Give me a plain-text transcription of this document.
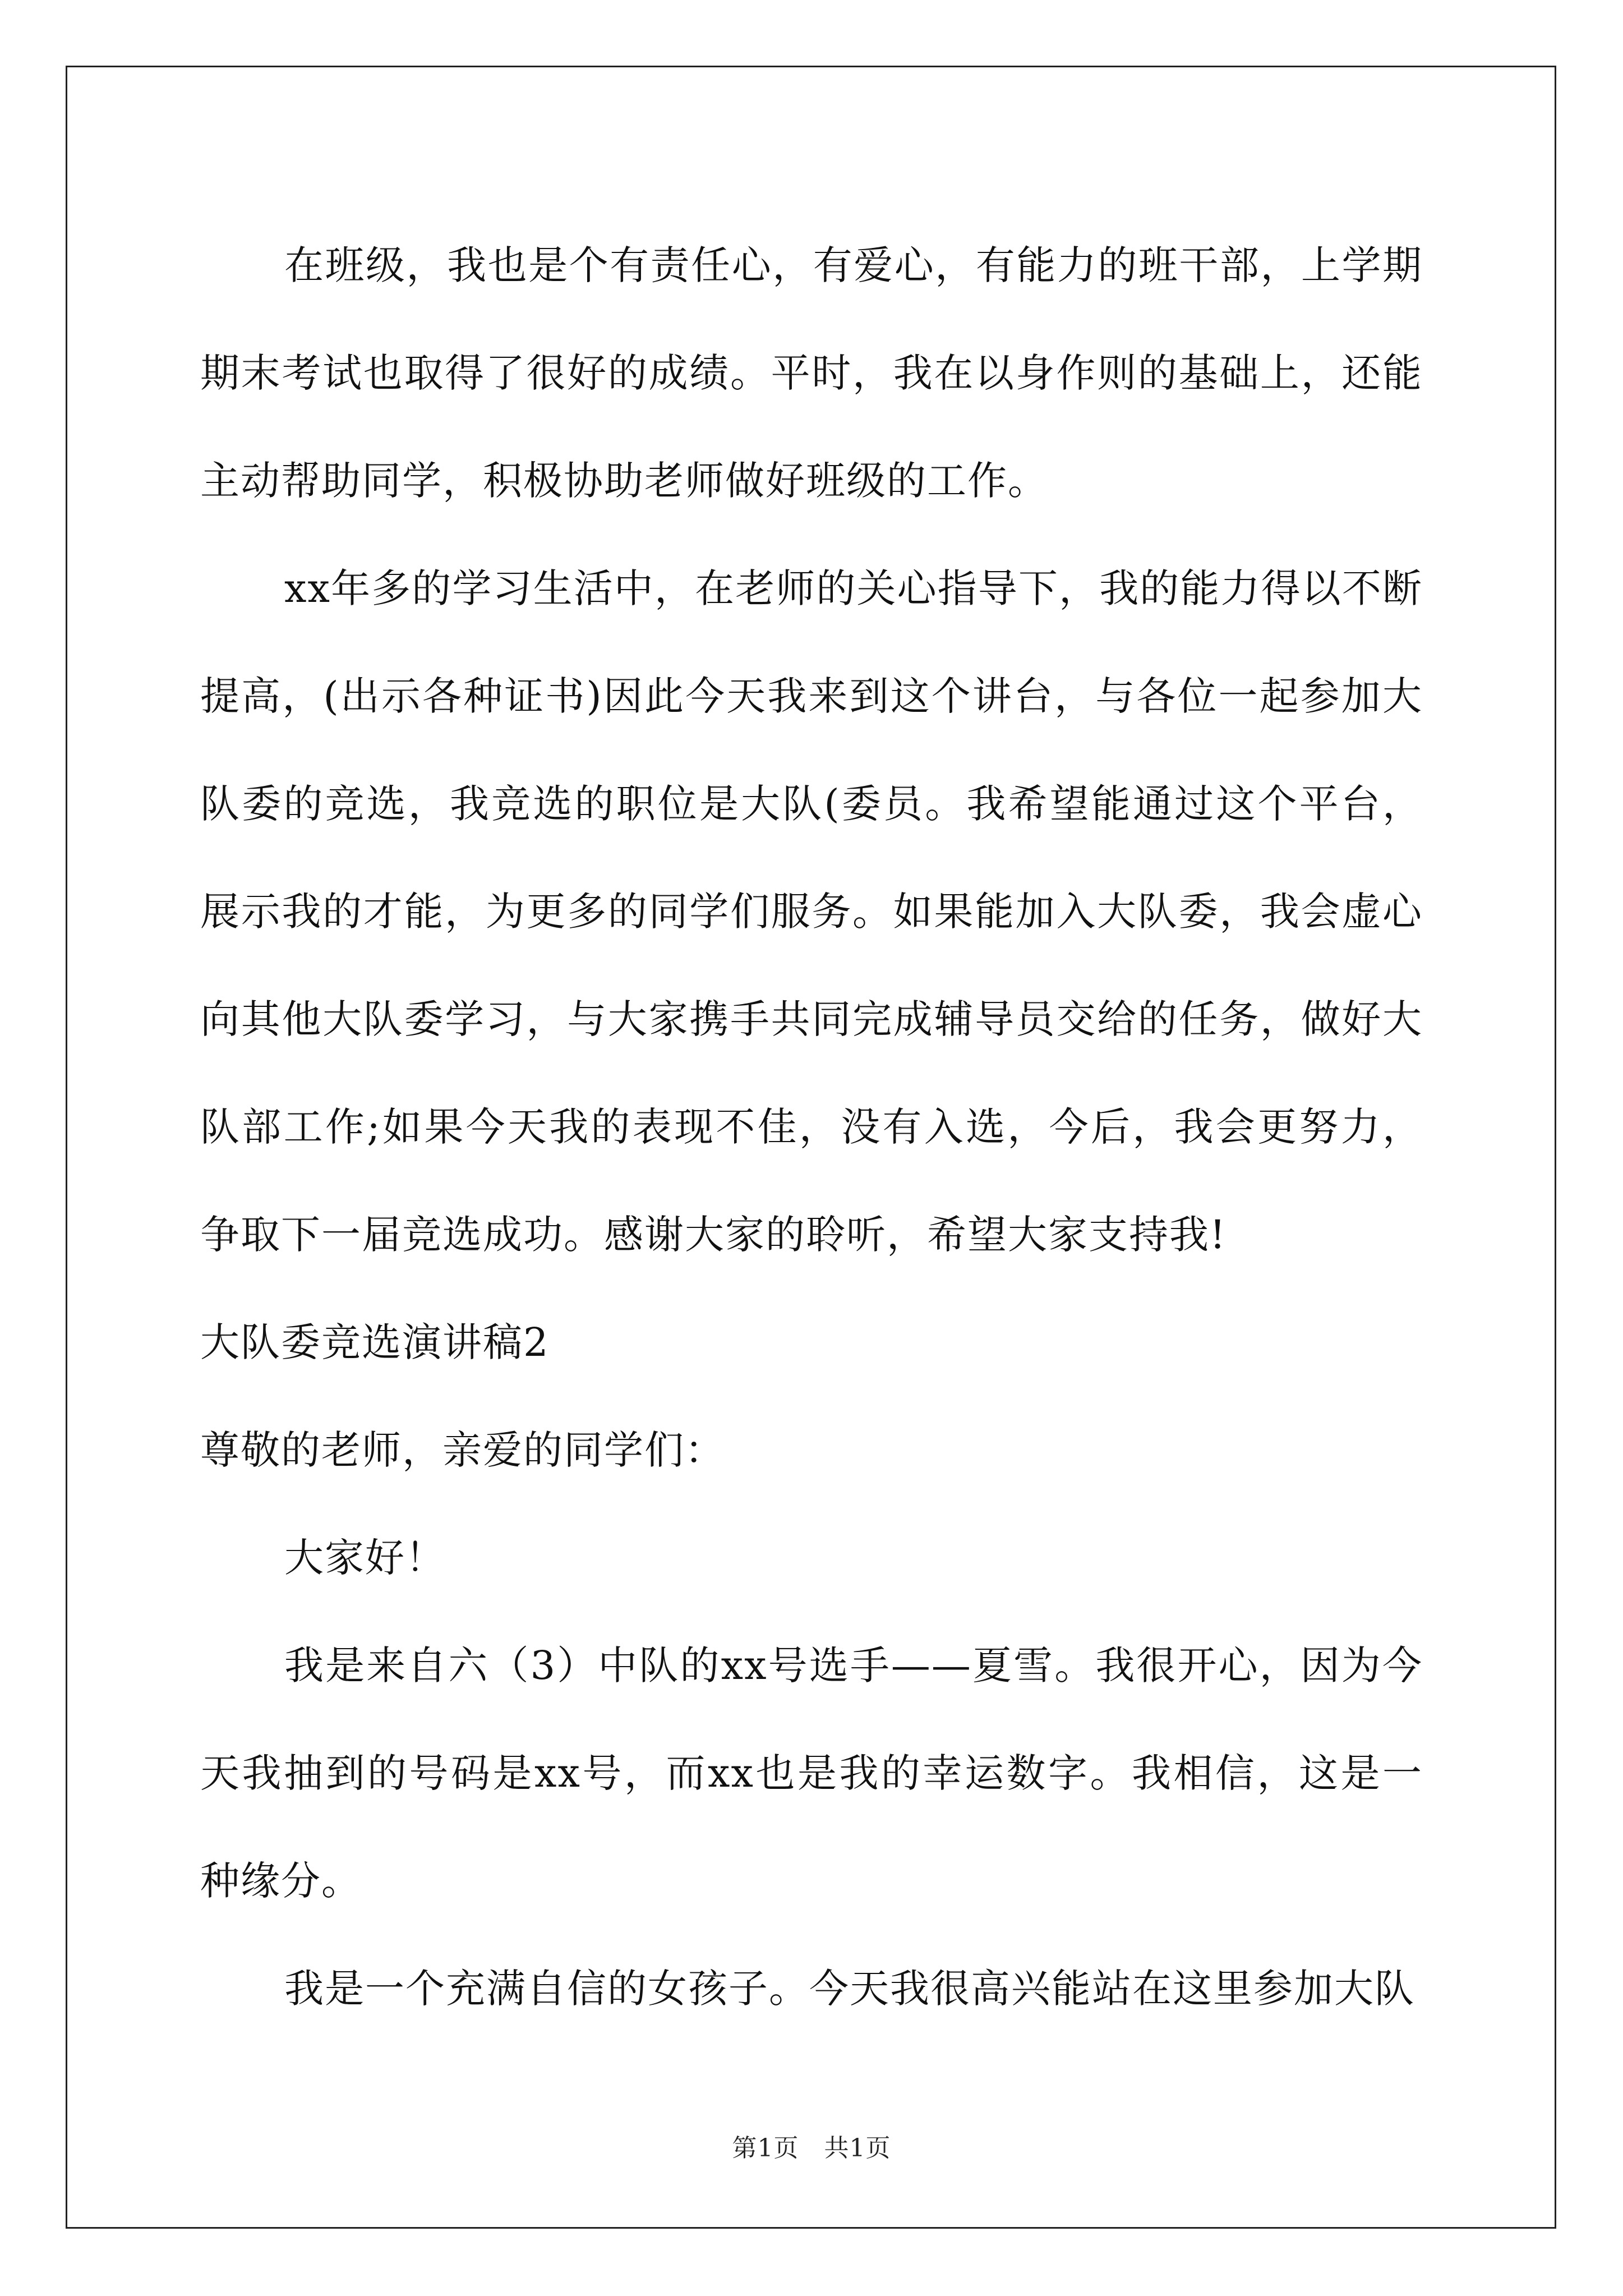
在班级，我也是个有责任心，有爱心，有能力的班干部，上学期期末考试也取得了很好的成绩。平时，我在以身作则的基础上，还能主动帮助同学，积极协助老师做好班级的工作。

xx年多的学习生活中，在老师的关心指导下，我的能力得以不断提高，(出示各种证书)因此今天我来到这个讲台，与各位一起参加大队委的竞选，我竞选的职位是大队(委员。我希望能通过这个平台，展示我的才能，为更多的同学们服务。如果能加入大队委，我会虚心向其他大队委学习，与大家携手共同完成辅导员交给的任务，做好大队部工作;如果今天我的表现不佳，没有入选，今后，我会更努力，争取下一届竞选成功。感谢大家的聆听，希望大家支持我!

大队委竞选演讲稿2

尊敬的老师，亲爱的同学们：

大家好！

我是来自六（3）中队的xx号选手——夏雪。我很开心，因为今天我抽到的号码是xx号，而xx也是我的幸运数字。我相信，这是一种缘分。

我是一个充满自信的女孩子。今天我很高兴能站在这里参加大队

第1页 共1页
